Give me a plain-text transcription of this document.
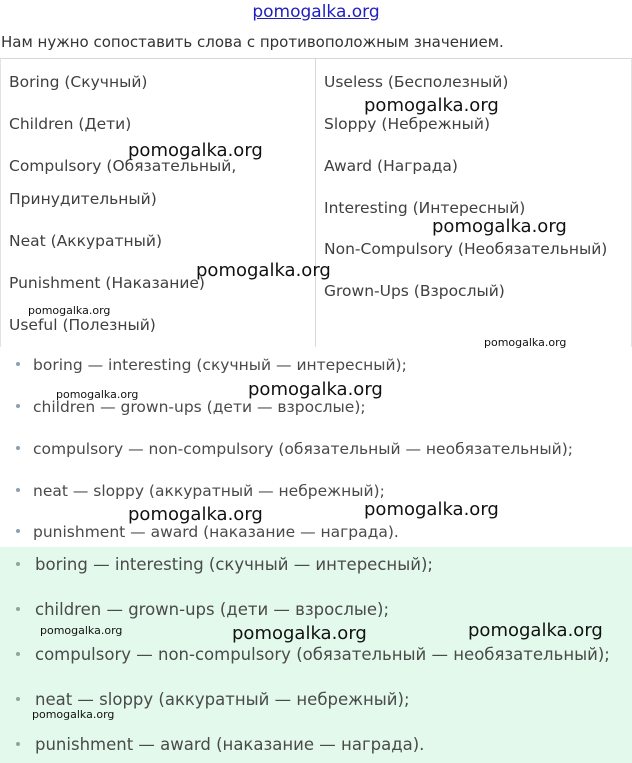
pomogalka.org
Нам нужно сопоставить слова с противоположным значением.
Boring (Скучный)
Children (Дети)
Compulsory (Обязательный,
Принудительный)
Neat (Аккуратный)
Punishment (Наказание)
Useful (Полезный)
Useless (Бесполезный)
Sloppy (Небрежный)
Award (Награда)
Interesting (Интересный)
Non-Compulsory (Необязательный)
Grown-Ups (Взрослый)
boring — interesting (скучный — интересный);
children — grown-ups (дети — взрослые);
compulsory — non-compulsory (обязательный — необязательный);
neat — sloppy (аккуратный — небрежный);
punishment — award (наказание — награда).
boring — interesting (скучный — интересный);
children — grown-ups (дети — взрослые);
compulsory — non-compulsory (обязательный — необязательный);
neat — sloppy (аккуратный — небрежный);
punishment — award (наказание — награда).
pomogalka.org
pomogalka.org
pomogalka.org
pomogalka.org
pomogalka.org
pomogalka.org
pomogalka.org	pomogalka.org
pomogalka.org	pomogalka.org
pomogalka.org	pomogalka.org	pomogalka.org
pomogalka.org
